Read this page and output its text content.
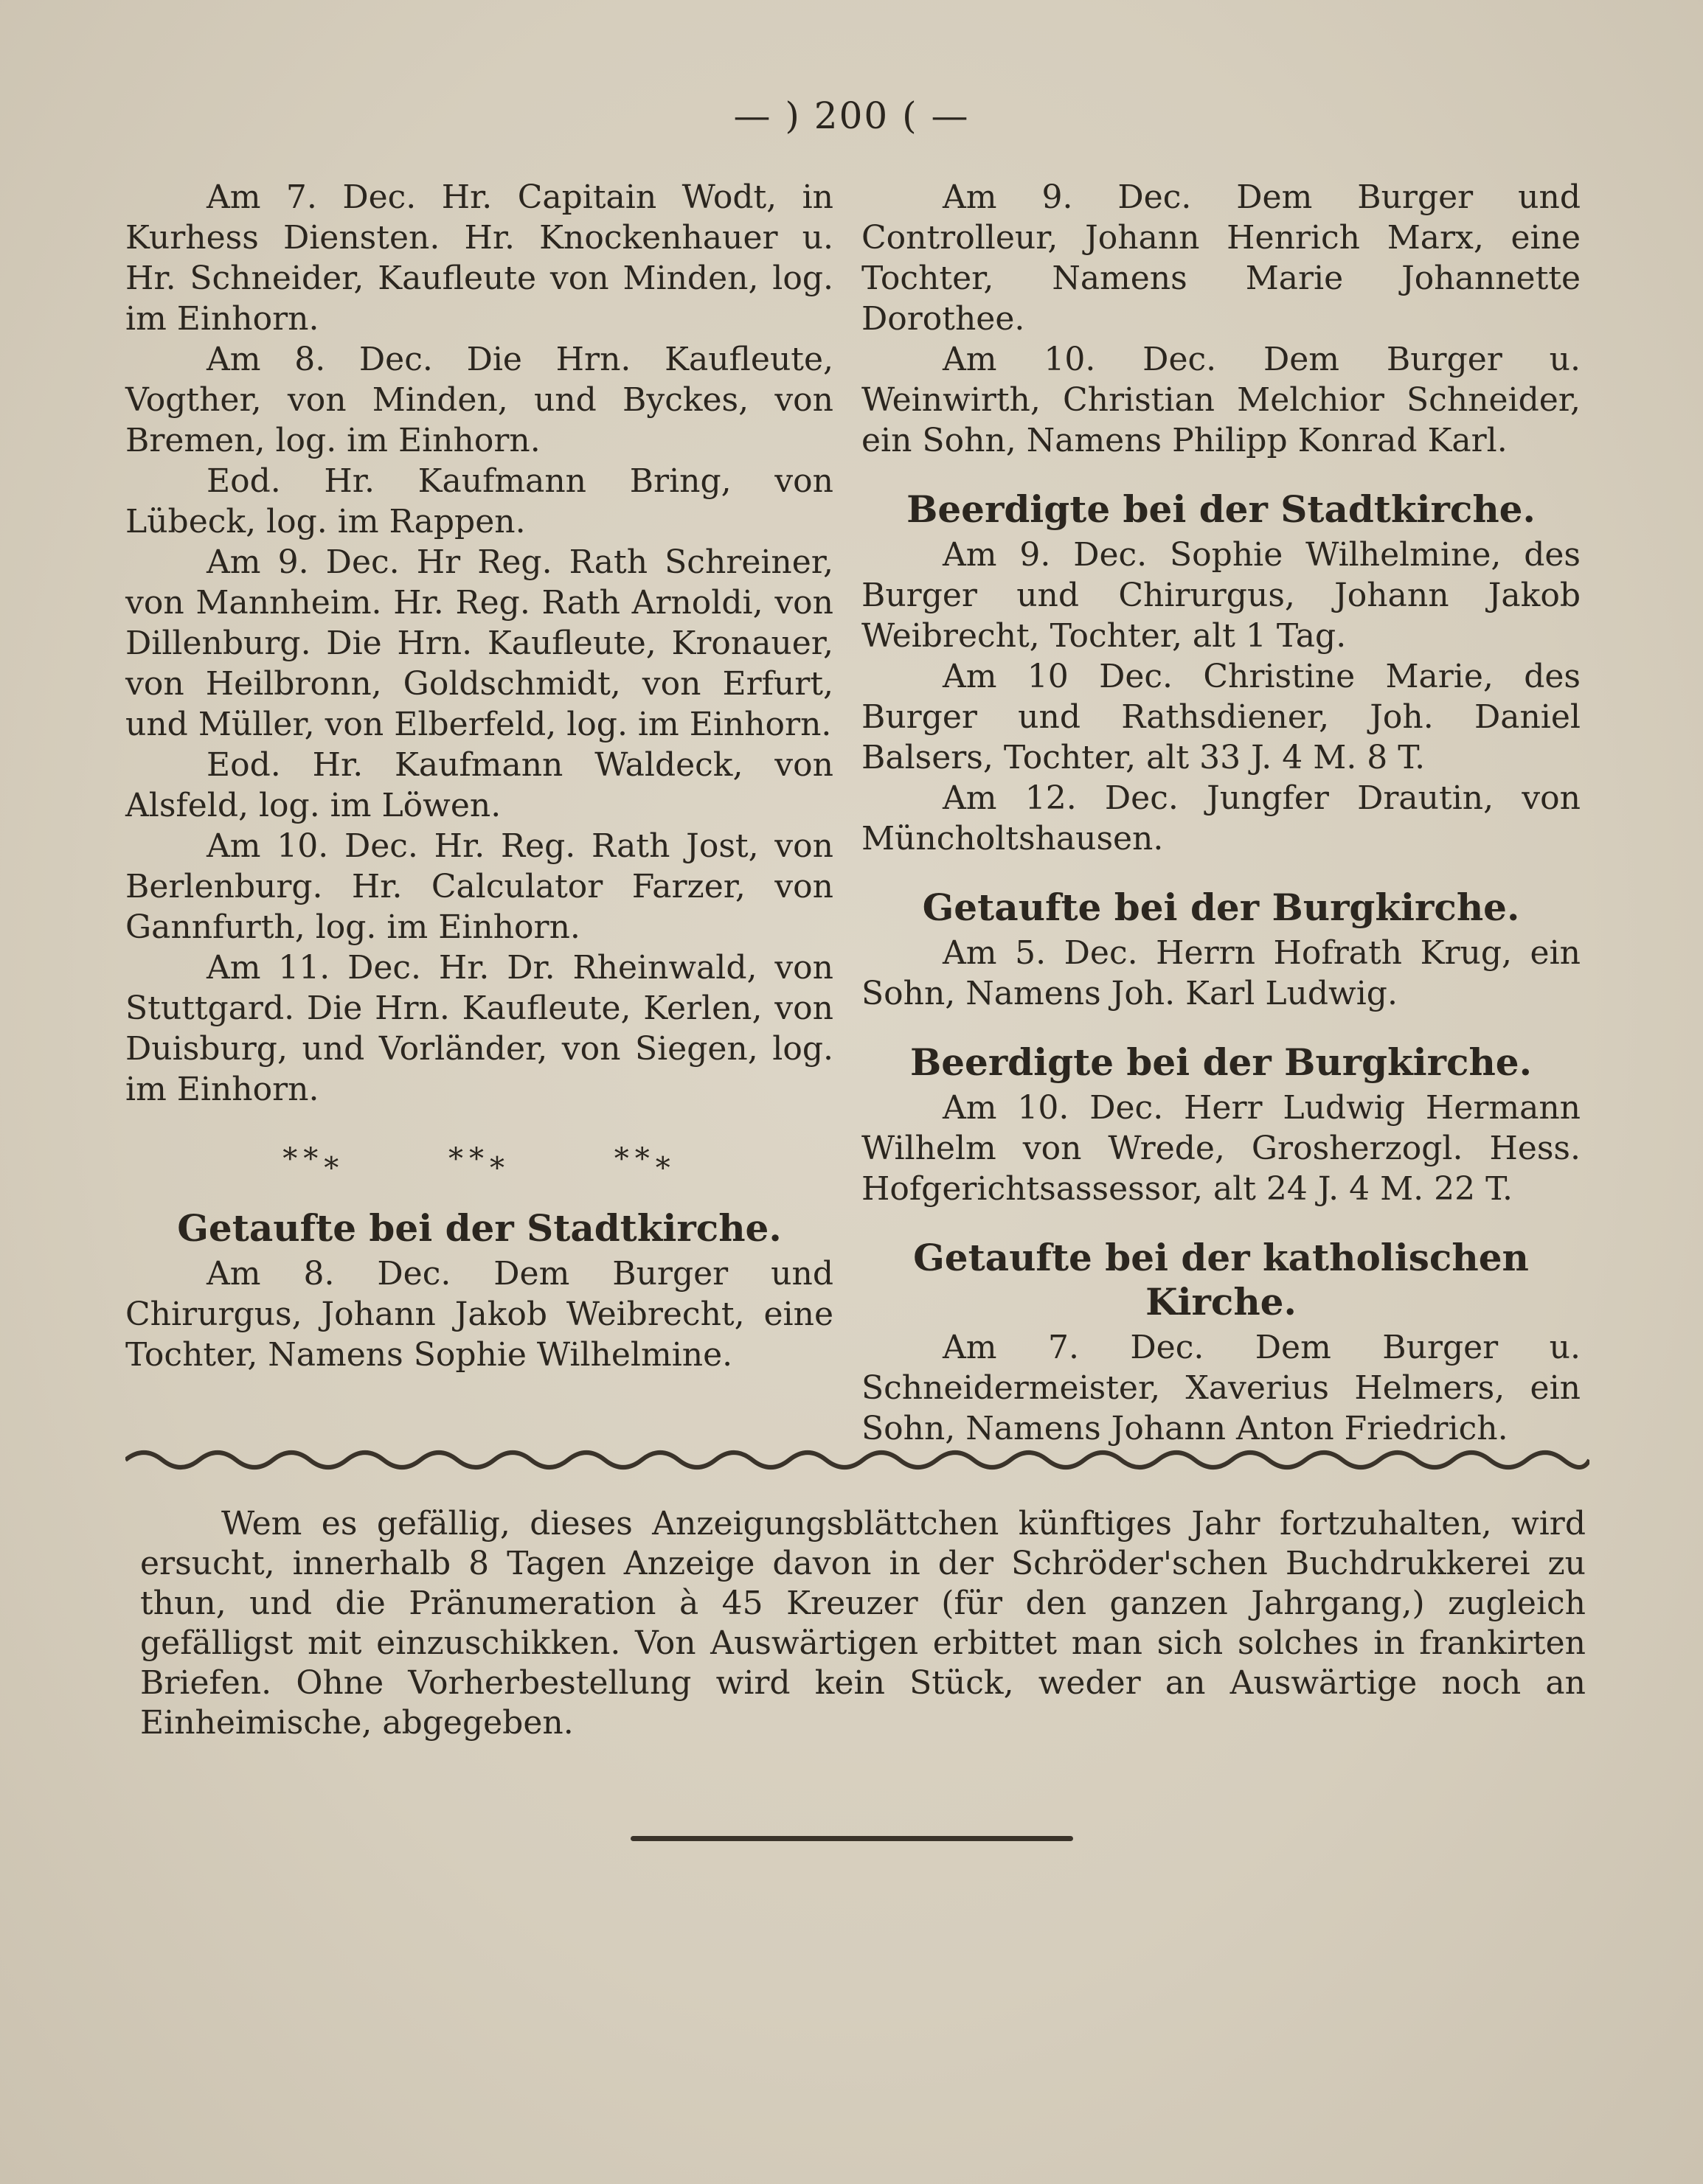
— ) 200 ( —

Am 7. Dec. Hr. Capitain Wodt, in Kurhess Diensten. Hr. Knockenhauer u. Hr. Schneider, Kaufleute von Minden, log. im Einhorn.

Am 8. Dec. Die Hrn. Kaufleute, Vogther, von Minden, und Byckes, von Bremen, log. im Einhorn.

Eod. Hr. Kaufmann Bring, von Lübeck, log. im Rappen.

Am 9. Dec. Hr Reg. Rath Schreiner, von Mannheim. Hr. Reg. Rath Arnoldi, von Dillenburg. Die Hrn. Kaufleute, Kronauer, von Heilbronn, Goldschmidt, von Erfurt, und Müller, von Elberfeld, log. im Einhorn.

Eod. Hr. Kaufmann Waldeck, von Alsfeld, log. im Löwen.

Am 10. Dec. Hr. Reg. Rath Jost, von Berlenburg. Hr. Calculator Farzer, von Gannfurth, log. im Einhorn.

Am 11. Dec. Hr. Dr. Rheinwald, von Stuttgard. Die Hrn. Kaufleute, Kerlen, von Duisburg, und Vorländer, von Siegen, log. im Einhorn.

**⁎	**⁎	**⁎
Getaufte bei der Stadtkirche.

Am 8. Dec. Dem Burger und Chirurgus, Johann Jakob Weibrecht, eine Tochter, Namens Sophie Wilhelmine.

Am 9. Dec. Dem Burger und Controlleur, Johann Henrich Marx, eine Tochter, Namens Marie Johannette Dorothee.

Am 10. Dec. Dem Burger u. Weinwirth, Christian Melchior Schneider, ein Sohn, Namens Philipp Konrad Karl.

Beerdigte bei der Stadtkirche.

Am 9. Dec. Sophie Wilhelmine, des Burger und Chirurgus, Johann Jakob Weibrecht, Tochter, alt 1 Tag.

Am 10 Dec. Christine Marie, des Burger und Rathsdiener, Joh. Daniel Balsers, Tochter, alt 33 J. 4 M. 8 T.

Am 12. Dec. Jungfer Drautin, von Müncholtshausen.

Getaufte bei der Burgkirche.

Am 5. Dec. Herrn Hofrath Krug, ein Sohn, Namens Joh. Karl Ludwig.

Beerdigte bei der Burgkirche.

Am 10. Dec. Herr Ludwig Hermann Wilhelm von Wrede, Grosherzogl. Hess. Hofgerichtsassessor, alt 24 J. 4 M. 22 T.

Getaufte bei der katholischen Kirche.

Am 7. Dec. Dem Burger u. Schneidermeister, Xaverius Helmers, ein Sohn, Namens Johann Anton Friedrich.

Wem es gefällig, dieses Anzeigungsblättchen künftiges Jahr fortzuhalten, wird ersucht, innerhalb 8 Tagen Anzeige davon in der Schröder'schen Buchdrukkerei zu thun, und die Pränumeration à 45 Kreuzer (für den ganzen Jahrgang,) zugleich gefälligst mit einzuschikken. Von Auswärtigen erbittet man sich solches in frankirten Briefen. Ohne Vorherbestellung wird kein Stück, weder an Auswärtige noch an Einheimische, abgegeben.
